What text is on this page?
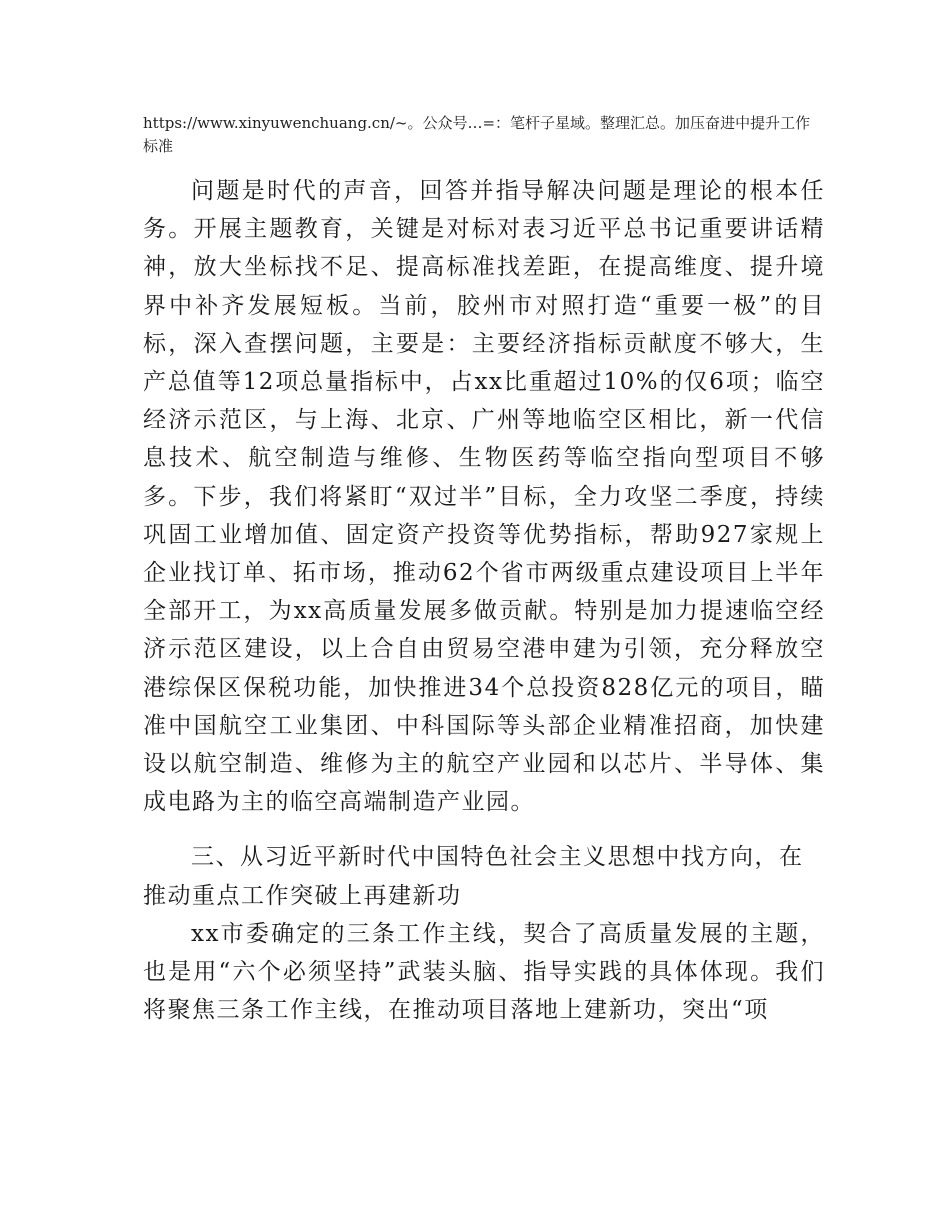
https://www.xinyuwenchuang.cn/~。公众号…=：笔杆子星域。整理汇总。加压奋进中提升工作标准

问题是时代的声音，回答并指导解决问题是理论的根本任务。开展主题教育，关键是对标对表习近平总书记重要讲话精神，放大坐标找不足、提高标准找差距，在提高维度、提升境界中补齐发展短板。当前，胶州市对照打造“重要一极”的目标，深入查摆问题，主要是：主要经济指标贡献度不够大，生产总值等12项总量指标中，占xx比重超过10%的仅6项；临空经济示范区，与上海、北京、广州等地临空区相比，新一代信息技术、航空制造与维修、生物医药等临空指向型项目不够多。下步，我们将紧盯“双过半”目标，全力攻坚二季度，持续巩固工业增加值、固定资产投资等优势指标，帮助927家规上企业找订单、拓市场，推动62个省市两级重点建设项目上半年全部开工，为xx高质量发展多做贡献。特别是加力提速临空经济示范区建设，以上合自由贸易空港申建为引领，充分释放空港综保区保税功能，加快推进34个总投资828亿元的项目，瞄准中国航空工业集团、中科国际等头部企业精准招商，加快建设以航空制造、维修为主的航空产业园和以芯片、半导体、集成电路为主的临空高端制造产业园。

三、从习近平新时代中国特色社会主义思想中找方向，在推动重点工作突破上再建新功

xx市委确定的三条工作主线，契合了高质量发展的主题，也是用“六个必须坚持”武装头脑、指导实践的具体体现。我们将聚焦三条工作主线，在推动项目落地上建新功，突出“项
